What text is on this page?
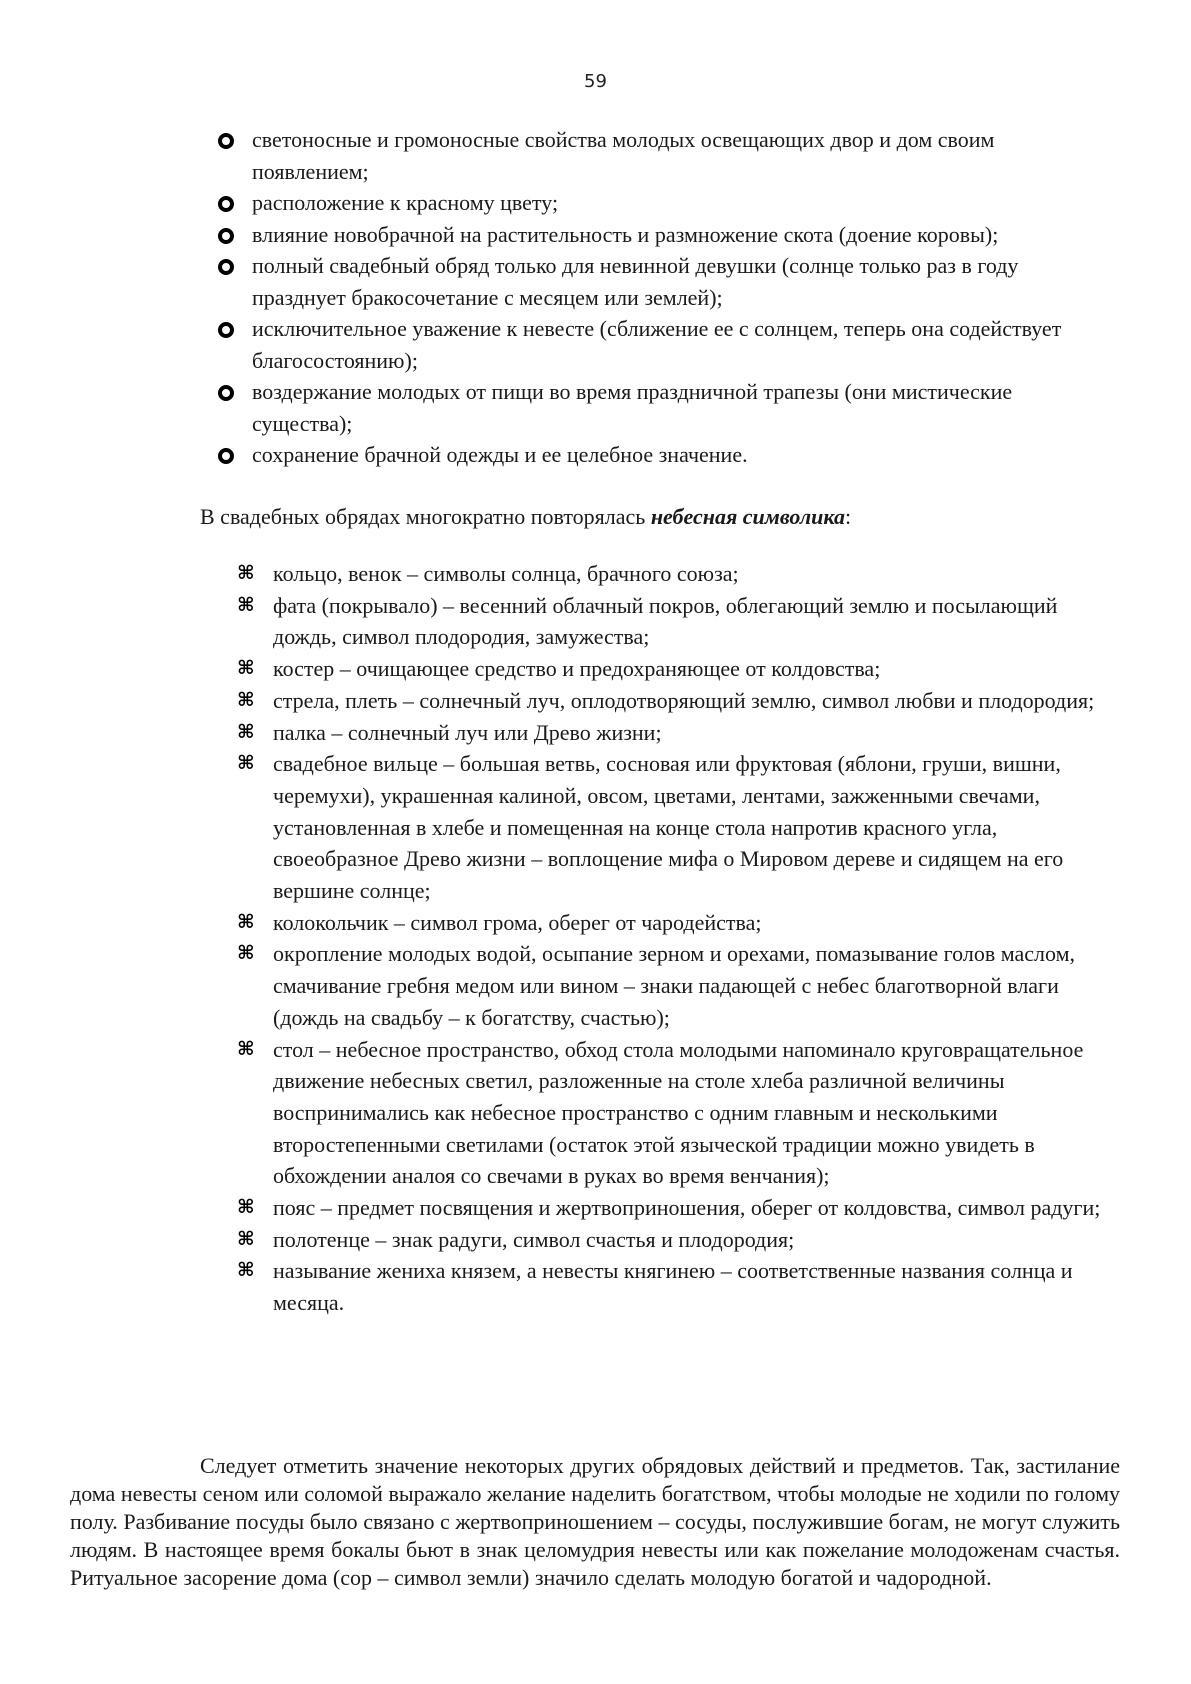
59
светоносные и громоносные свойства молодых освещающих двор и дом своим появлением;
расположение к красному цвету;
влияние новобрачной на растительность и размножение скота (доение коровы);
полный свадебный обряд только для невинной девушки (солнце только раз в году празднует бракосочетание с месяцем или землей);
исключительное уважение к невесте (сближение ее с солнцем, теперь она содействует благосостоянию);
воздержание молодых от пищи во время праздничной трапезы (они мистические существа);
сохранение брачной одежды и ее целебное значение.

В свадебных обрядах многократно повторялась небесная символика:

⌘ кольцо, венок – символы солнца, брачного союза;
⌘ фата (покрывало) – весенний облачный покров, облегающий землю и посылающий дождь, символ плодородия, замужества;
⌘ костер – очищающее средство и предохраняющее от колдовства;
⌘ стрела, плеть – солнечный луч, оплодотворяющий землю, символ любви и плодородия;
⌘ палка – солнечный луч или Древо жизни;
⌘ свадебное вильце – большая ветвь, сосновая или фруктовая (яблони, груши, вишни, черемухи), украшенная калиной, овсом, цветами, лентами, зажженными свечами, установленная в хлебе и помещенная на конце стола напротив красного угла, своеобразное Древо жизни – воплощение мифа о Мировом дереве и сидящем на его вершине солнце;
⌘ колокольчик – символ грома, оберег от чародейства;
⌘ окропление молодых водой, осыпание зерном и орехами, помазывание голов маслом, смачивание гребня медом или вином – знаки падающей с небес благотворной влаги (дождь на свадьбу – к богатству, счастью);
⌘ стол – небесное пространство, обход стола молодыми напоминало круговращательное движение небесных светил, разложенные на столе хлеба различной величины воспринимались как небесное пространство с одним главным и несколькими второстепенными светилами (остаток этой языческой традиции можно увидеть в обхождении аналоя со свечами в руках во время венчания);
⌘ пояс – предмет посвящения и жертвоприношения, оберег от колдовства, символ радуги;
⌘ полотенце – знак радуги, символ счастья и плодородия;
⌘ называние жениха князем, а невесты княгинею – соответственные названия солнца и месяца.

Следует отметить значение некоторых других обрядовых действий и предметов. Так, застилание дома невесты сеном или соломой выражало желание наделить богатством, чтобы молодые не ходили по голому полу. Разбивание посуды было связано с жертвоприношением – сосуды, послужившие богам, не могут служить людям. В настоящее время бокалы бьют в знак целомудрия невесты или как пожелание молодоженам счастья. Ритуальное засорение дома (сор – символ земли) значило сделать молодую богатой и чадородной.
